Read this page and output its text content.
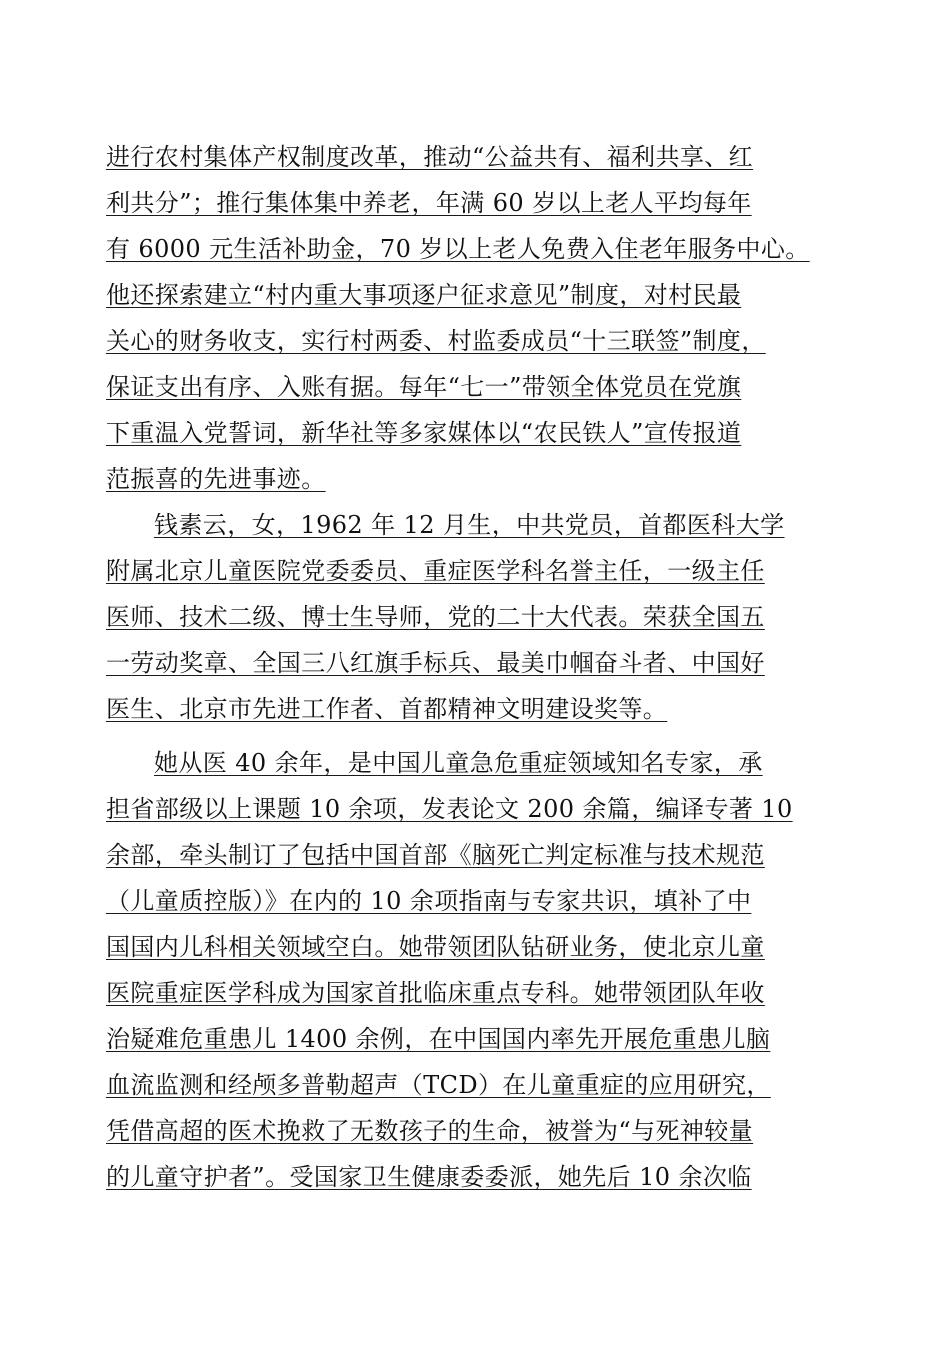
进行农村集体产权制度改革，推动“公益共有、福利共享、红
利共分”；推行集体集中养老，年满 60 岁以上老人平均每年
有 6000 元生活补助金，70 岁以上老人免费入住老年服务中心。
他还探索建立“村内重大事项逐户征求意见”制度，对村民最
关心的财务收支，实行村两委、村监委成员“十三联签”制度，
保证支出有序、入账有据。每年“七一”带领全体党员在党旗
下重温入党誓词，新华社等多家媒体以“农民铁人”宣传报道
范振喜的先进事迹。
钱素云，女，1962 年 12 月生，中共党员，首都医科大学
附属北京儿童医院党委委员、重症医学科名誉主任，一级主任
医师、技术二级、博士生导师，党的二十大代表。荣获全国五
一劳动奖章、全国三八红旗手标兵、最美巾帼奋斗者、中国好
医生、北京市先进工作者、首都精神文明建设奖等。
她从医 40 余年，是中国儿童急危重症领域知名专家，承
担省部级以上课题 10 余项，发表论文 200 余篇，编译专著 10
余部，牵头制订了包括中国首部《脑死亡判定标准与技术规范
（儿童质控版）》在内的 10 余项指南与专家共识，填补了中
国国内儿科相关领域空白。她带领团队钻研业务，使北京儿童
医院重症医学科成为国家首批临床重点专科。她带领团队年收
治疑难危重患儿 1400 余例，在中国国内率先开展危重患儿脑
血流监测和经颅多普勒超声（TCD）在儿童重症的应用研究，
凭借高超的医术挽救了无数孩子的生命，被誉为“与死神较量
的儿童守护者”。受国家卫生健康委委派，她先后 10 余次临
